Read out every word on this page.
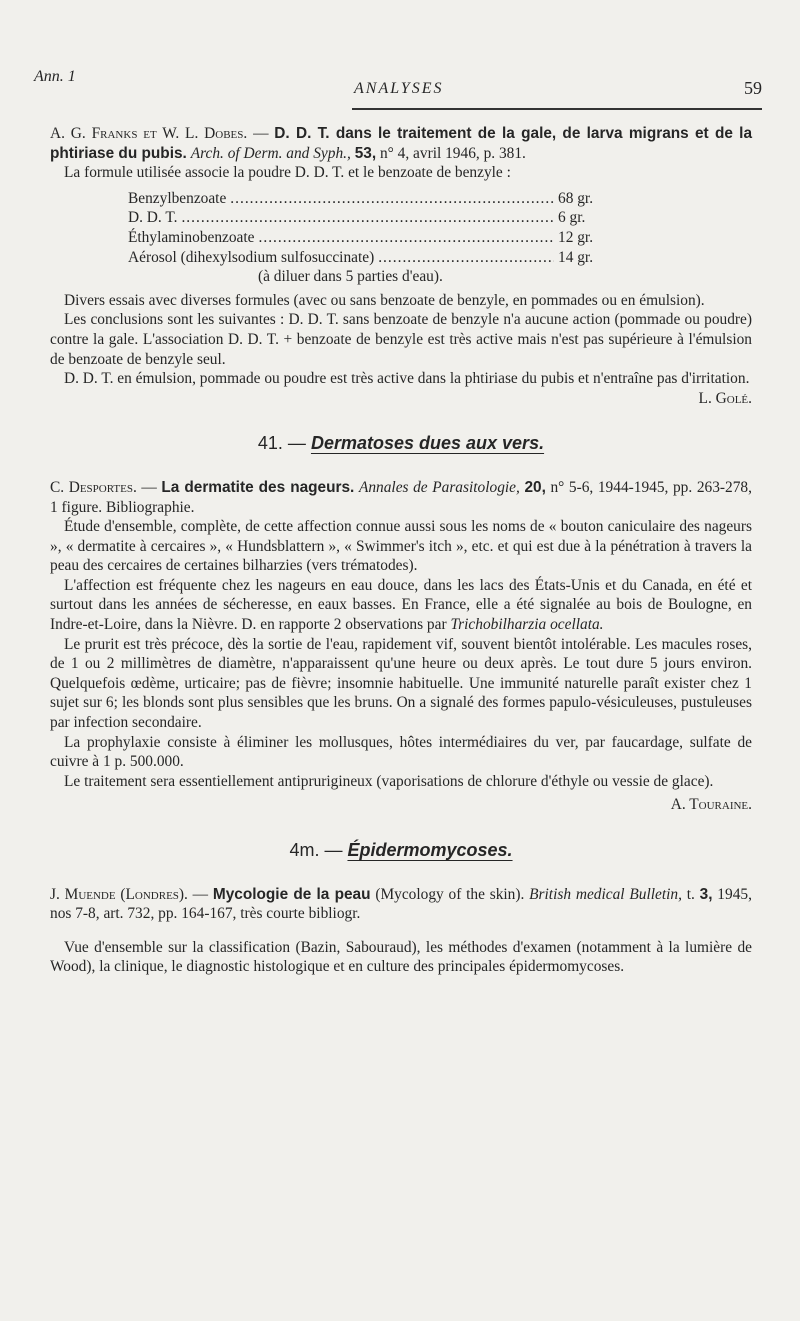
Ann. 1
ANALYSES	59

A. G. Franks et W. L. Dobes. — D. D. T. dans le traitement de la gale, de larva migrans et de la phtiriase du pubis. Arch. of Derm. and Syph., 53, n° 4, avril 1946, p. 381.

La formule utilisée associe la poudre D. D. T. et le benzoate de benzyle :

Benzylbenzoate .....	68 gr.
D. D. T. .....	6 gr.
Éthylaminobenzoate .....	12 gr.
Aérosol (dihexylsodium sulfosuccinate) .....	14 gr.

(à diluer dans 5 parties d'eau).

Divers essais avec diverses formules (avec ou sans benzoate de benzyle, en pommades ou en émulsion).

Les conclusions sont les suivantes : D. D. T. sans benzoate de benzyle n'a aucune action (pommade ou poudre) contre la gale. L'association D. D. T. + benzoate de benzyle est très active mais n'est pas supérieure à l'émulsion de benzoate de benzyle seul.

D. D. T. en émulsion, pommade ou poudre est très active dans la phtiriase du pubis et n'entraîne pas d'irritation.

L. Golé.

41. — Dermatoses dues aux vers.

C. Desportes. — La dermatite des nageurs. Annales de Parasitologie, 20, n° 5-6, 1944-1945, pp. 263-278, 1 figure. Bibliographie.

Étude d'ensemble, complète, de cette affection connue aussi sous les noms de « bouton caniculaire des nageurs », « dermatite à cercaires », « Hundsblattern », « Swimmer's itch », etc. et qui est due à la pénétration à travers la peau des cercaires de certaines bilharzies (vers trématodes).

L'affection est fréquente chez les nageurs en eau douce, dans les lacs des États-Unis et du Canada, en été et surtout dans les années de sécheresse, en eaux basses. En France, elle a été signalée au bois de Boulogne, en Indre-et-Loire, dans la Nièvre. D. en rapporte 2 observations par Trichobilharzia ocellata.

Le prurit est très précoce, dès la sortie de l'eau, rapidement vif, souvent bientôt intolérable. Les macules roses, de 1 ou 2 millimètres de diamètre, n'apparaissent qu'une heure ou deux après. Le tout dure 5 jours environ. Quelquefois œdème, urticaire; pas de fièvre; insomnie habituelle. Une immunité naturelle paraît exister chez 1 sujet sur 6; les blonds sont plus sensibles que les bruns. On a signalé des formes papulo-vésiculeuses, pustuleuses par infection secondaire.

La prophylaxie consiste à éliminer les mollusques, hôtes intermédiaires du ver, par faucardage, sulfate de cuivre à 1 p. 500.000.

Le traitement sera essentiellement antiprurigineux (vaporisations de chlorure d'éthyle ou vessie de glace).

A. Touraine.

4m. — Épidermomycoses.

J. Muende (Londres). — Mycologie de la peau (Mycology of the skin). British medical Bulletin, t. 3, 1945, nos 7-8, art. 732, pp. 164-167, très courte bibliogr.

Vue d'ensemble sur la classification (Bazin, Sabouraud), les méthodes d'examen (notamment à la lumière de Wood), la clinique, le diagnostic histologique et en culture des principales épidermomycoses.
